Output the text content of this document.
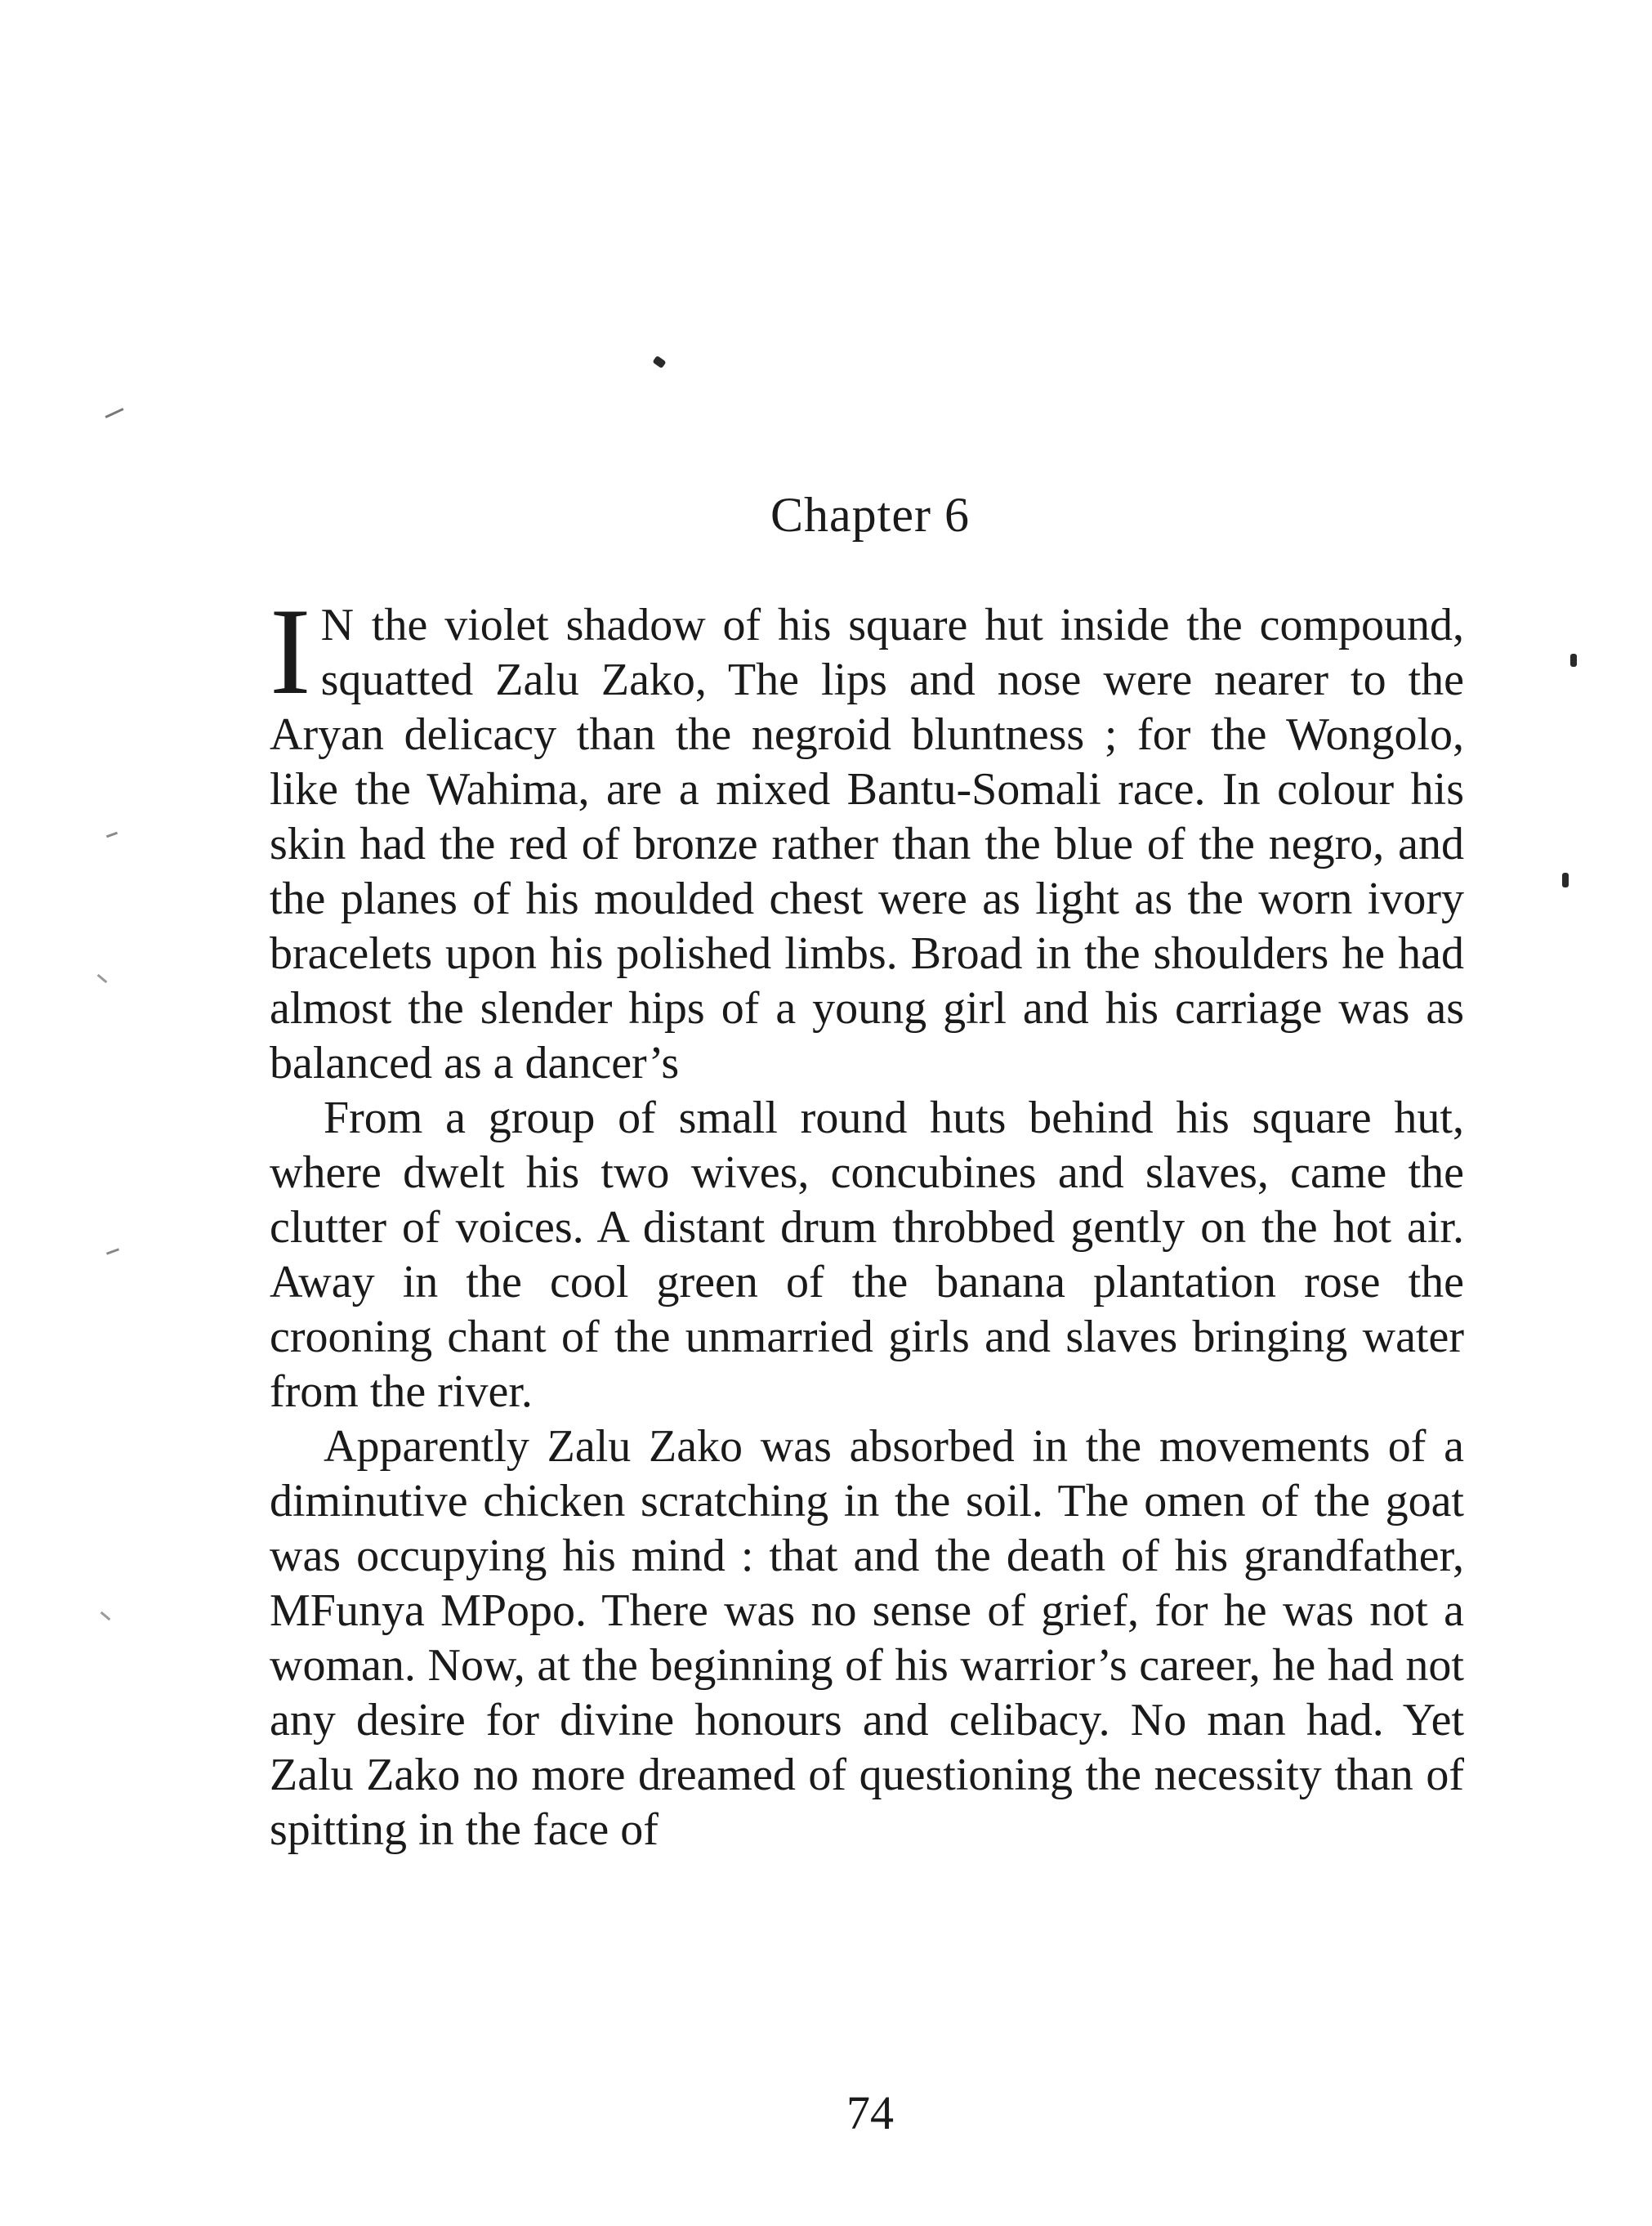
Chapter 6

I N the violet shadow of his square hut inside the compound, squatted Zalu Zako, The lips and nose were nearer to the Aryan delicacy than the negroid bluntness ; for the Wongolo, like the Wahima, are a mixed Bantu-Somali race. In colour his skin had the red of bronze rather than the blue of the negro, and the planes of his moulded chest were as light as the worn ivory bracelets upon his polished limbs. Broad in the shoulders he had almost the slender hips of a young girl and his carriage was as balanced as a dancer’s

From a group of small round huts behind his square hut, where dwelt his two wives, concubines and slaves, came the clutter of voices. A distant drum throbbed gently on the hot air. Away in the cool green of the banana plantation rose the crooning chant of the unmarried girls and slaves bringing water from the river.

Apparently Zalu Zako was absorbed in the movements of a diminutive chicken scratching in the soil. The omen of the goat was occupying his mind : that and the death of his grandfather, MFunya MPopo. There was no sense of grief, for he was not a woman. Now, at the beginning of his warrior’s career, he had not any desire for divine honours and celibacy. No man had. Yet Zalu Zako no more dreamed of questioning the necessity than of spitting in the face of

74
